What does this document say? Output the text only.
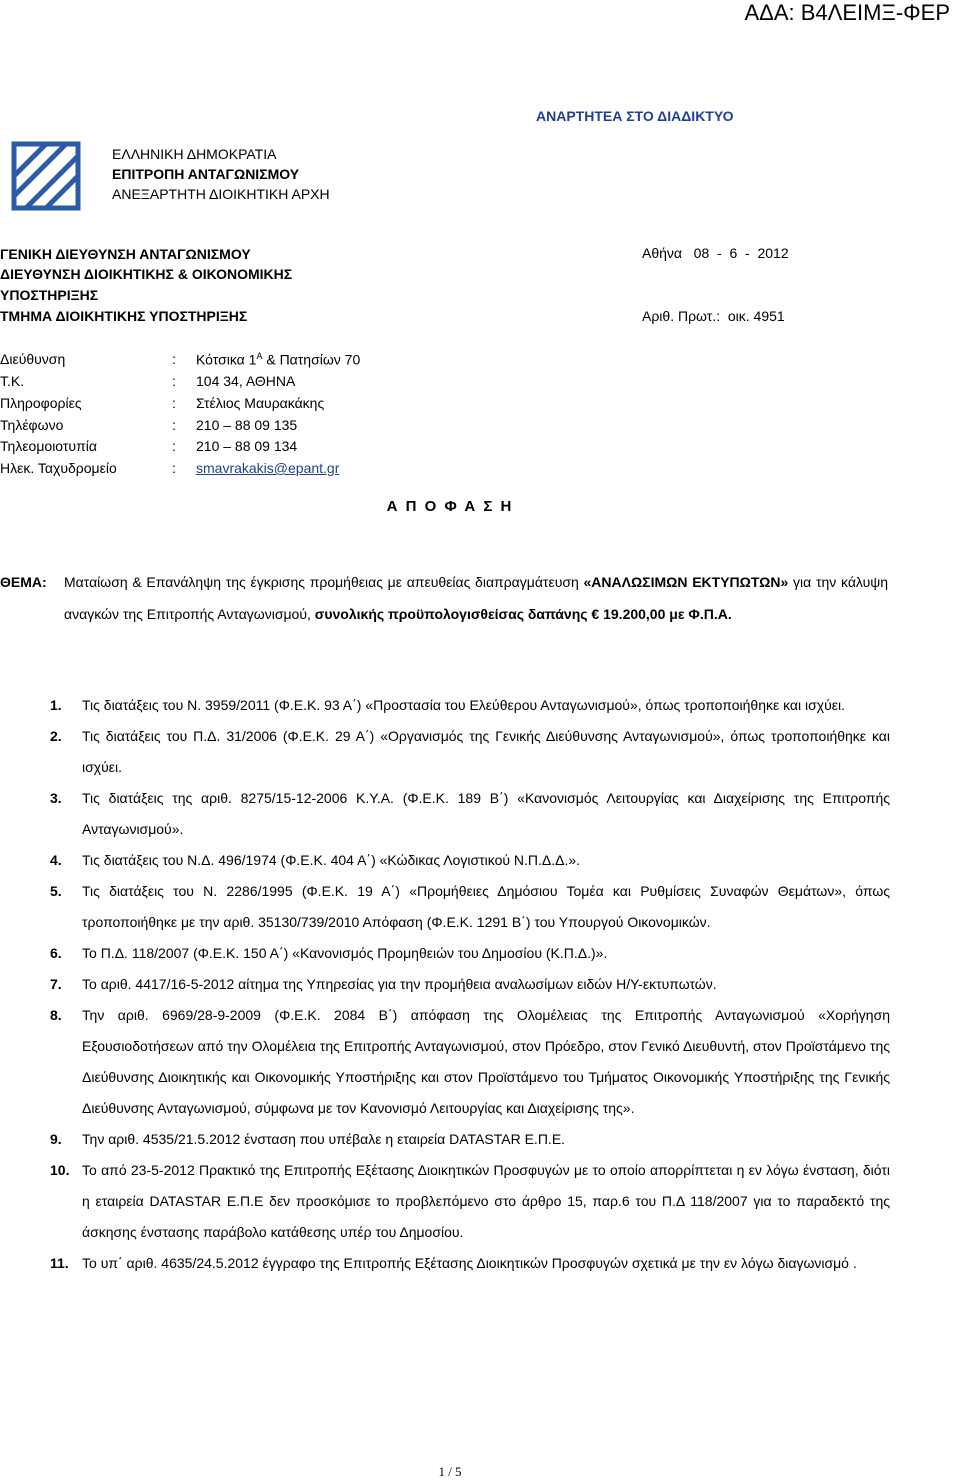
ΑΔΑ: Β4ΛΕΙΜΞ-ΦΕΡ
ΑΝΑΡΤΗΤΕΑ ΣΤΟ ΔΙΑΔΙΚΤΥΟ
ΕΛΛΗΝΙΚΗ ΔΗΜΟΚΡΑΤΙΑ
ΕΠΙΤΡΟΠΗ ΑΝΤΑΓΩΝΙΣΜΟΥ
ΑΝΕΞΑΡΤΗΤΗ ΔΙΟΙΚΗΤΙΚΗ ΑΡΧΗ
ΓΕΝΙΚΗ ΔΙΕΥΘΥΝΣΗ ΑΝΤΑΓΩΝΙΣΜΟΥ
ΔΙΕΥΘΥΝΣΗ ΔΙΟΙΚΗΤΙΚΗΣ & ΟΙΚΟΝΟΜΙΚΗΣ
ΥΠΟΣΤΗΡΙΞΗΣ
ΤΜΗΜΑ ΔΙΟΙΚΗΤΙΚΗΣ ΥΠΟΣΤΗΡΙΞΗΣ
Αθήνα   08  -  6  -  2012
Αριθ. Πρωτ.:  οικ. 4951
Διεύθυνση	: Κότσικα $1^A$ & Πατησίων 70
Τ.Κ.	: 104 34, ΑΘΗΝΑ
Πληροφορίες	: Στέλιος Μαυρακάκης
Τηλέφωνο	: 210 – 88 09 135
Τηλεομοιοτυπία	: 210 – 88 09 134
Ηλεκ. Ταχυδρομείο	: smavrakakis@epant.gr
Α Π Ο Φ Α Σ Η
ΘΕΜΑ: Ματαίωση & Επανάληψη της έγκρισης προμήθειας με απευθείας διαπραγμάτευση «ΑΝΑΛΩΣΙΜΩΝ ΕΚΤΥΠΩΤΩΝ» για την κάλυψη αναγκών της Επιτροπής Ανταγωνισμού, συνολικής προϋπολογισθείσας δαπάνης € 19.200,00 με Φ.Π.Α.
1. Τις διατάξεις του Ν. 3959/2011 (Φ.Ε.Κ. 93 Α΄) «Προστασία του Ελεύθερου Ανταγωνισμού», όπως τροποποιήθηκε και ισχύει.
2. Τις διατάξεις του Π.Δ. 31/2006 (Φ.Ε.Κ. 29 Α΄) «Οργανισμός της Γενικής Διεύθυνσης Ανταγωνισμού», όπως τροποποιήθηκε και ισχύει.
3. Τις διατάξεις της αριθ. 8275/15-12-2006 Κ.Υ.Α. (Φ.Ε.Κ. 189 Β΄) «Κανονισμός Λειτουργίας και Διαχείρισης της Επιτροπής Ανταγωνισμού».
4. Τις διατάξεις του Ν.Δ. 496/1974 (Φ.Ε.Κ. 404 Α΄) «Κώδικας Λογιστικού Ν.Π.Δ.Δ.».
5. Τις διατάξεις του Ν. 2286/1995 (Φ.Ε.Κ. 19 Α΄) «Προμήθειες Δημόσιου Τομέα και Ρυθμίσεις Συναφών Θεμάτων», όπως τροποποιήθηκε με την αριθ. 35130/739/2010 Απόφαση (Φ.Ε.Κ. 1291 Β΄) του Υπουργού Οικονομικών.
6. Το Π.Δ. 118/2007 (Φ.Ε.Κ. 150 Α΄) «Κανονισμός Προμηθειών του Δημοσίου (Κ.Π.Δ.)».
7. Το αριθ. 4417/16-5-2012 αίτημα της Υπηρεσίας για την προμήθεια αναλωσίμων ειδών Η/Υ-εκτυπωτών.
8. Την αριθ. 6969/28-9-2009 (Φ.Ε.Κ. 2084 Β΄) απόφαση της Ολομέλειας της Επιτροπής Ανταγωνισμού «Χορήγηση Εξουσιοδοτήσεων από την Ολομέλεια της Επιτροπής Ανταγωνισμού, στον Πρόεδρο, στον Γενικό Διευθυντή, στον Προϊστάμενο της Διεύθυνσης Διοικητικής και Οικονομικής Υποστήριξης και στον Προϊστάμενο του Τμήματος Οικονομικής Υποστήριξης της Γενικής Διεύθυνσης Ανταγωνισμού, σύμφωνα με τον Κανονισμό Λειτουργίας και Διαχείρισης της».
9. Την αριθ. 4535/21.5.2012 ένσταση που υπέβαλε η εταιρεία DATASTAR Ε.Π.Ε.
10. Το από 23-5-2012 Πρακτικό της Επιτροπής Εξέτασης Διοικητικών Προσφυγών με το οποίο απορρίπτεται η εν λόγω ένσταση, διότι η εταιρεία DATASTAR Ε.Π.Ε δεν προσκόμισε το προβλεπόμενο στο άρθρο 15, παρ.6 του Π.Δ 118/2007 για το παραδεκτό της άσκησης ένστασης παράβολο κατάθεσης υπέρ του Δημοσίου.
11. Το υπ΄ αριθ. 4635/24.5.2012 έγγραφο της Επιτροπής Εξέτασης Διοικητικών Προσφυγών σχετικά με την εν λόγω διαγωνισμό .
1 / 5
